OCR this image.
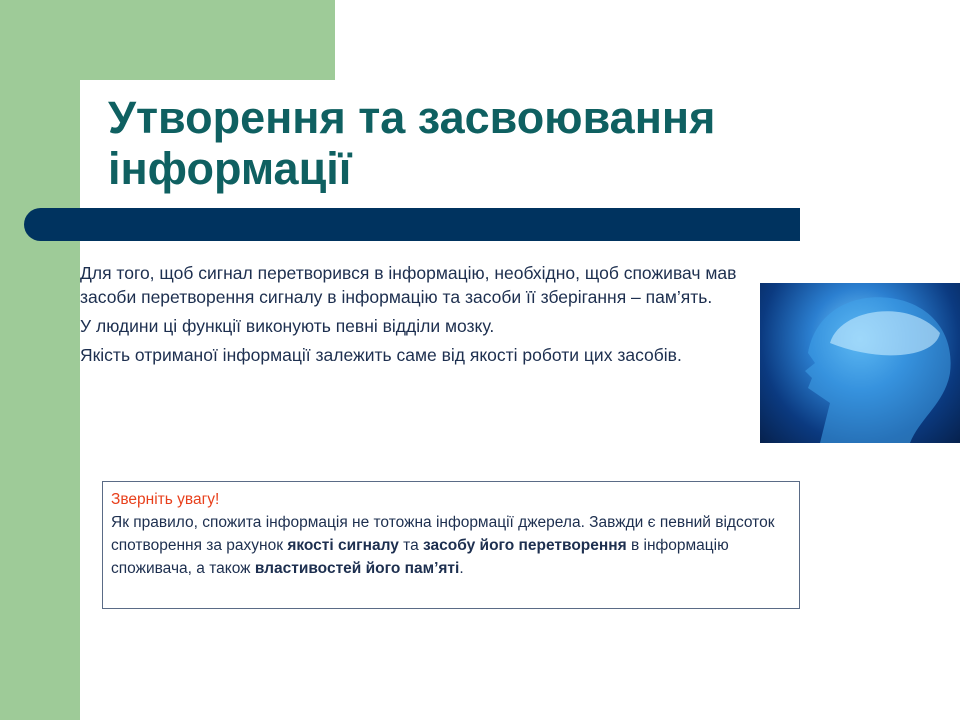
Утворення та засвоювання інформації

Для того, щоб сигнал перетворився в інформацію, необхідно, щоб споживач мав засоби перетворення сигналу в інформацію та засоби її зберігання – пам’ять.

У людини ці функції виконують певні відділи мозку.

Якість отриманої інформації залежить саме від якості роботи цих засобів.

Зверніть увагу!
Як правило, спожита інформація не тотожна інформації джерела. Завжди є певний відсоток спотворення за рахунок якості сигналу та засобу його перетворення в інформацію споживача, а також властивостей його пам’яті.
